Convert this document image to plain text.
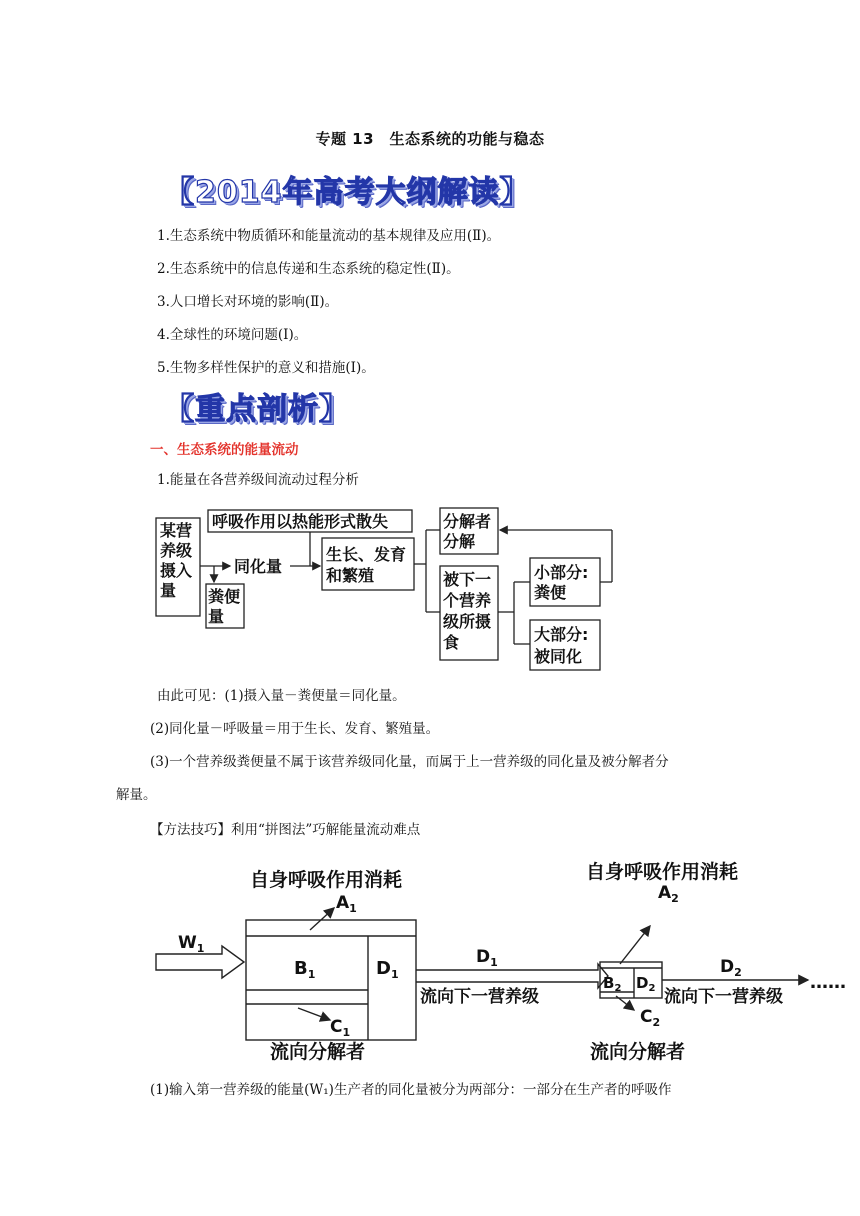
专题 13　生态系统的功能与稳态
【2014年高考大纲解读】
1.生态系统中物质循环和能量流动的基本规律及应用(Ⅱ)。
2.生态系统中的信息传递和生态系统的稳定性(Ⅱ)。
3.人口增长对环境的影响(Ⅱ)。
4.全球性的环境问题(Ⅰ)。
5.生物多样性保护的意义和措施(Ⅰ)。
【重点剖析】
一、生态系统的能量流动
1.能量在各营养级间流动过程分析
某营
养级
摄入
量
呼吸作用以热能形式散失
同化量
粪便
量
生长、发育
和繁殖
分解者
分解
被下一
个营养
级所摄
食
小部分:
粪便
大部分:
被同化
由此可见：(1)摄入量－粪便量＝同化量。
(2)同化量－呼吸量＝用于生长、发育、繁殖量。
(3)一个营养级粪便量不属于该营养级同化量，而属于上一营养级的同化量及被分解者分
解量。
【方法技巧】利用“拼图法”巧解能量流动难点
自身呼吸作用消耗	自身呼吸作用消耗
$W_1$
$A_1$
$A_2$
$B_1$	$D_1$	$B_2$ $D_2$
$D_1$	$D_2$
$C_1$
$C_2$
流向下一营养级	流向下一营养级
……
流向分解者	流向分解者
(1)输入第一营养级的能量(W₁)生产者的同化量被分为两部分：一部分在生产者的呼吸作
